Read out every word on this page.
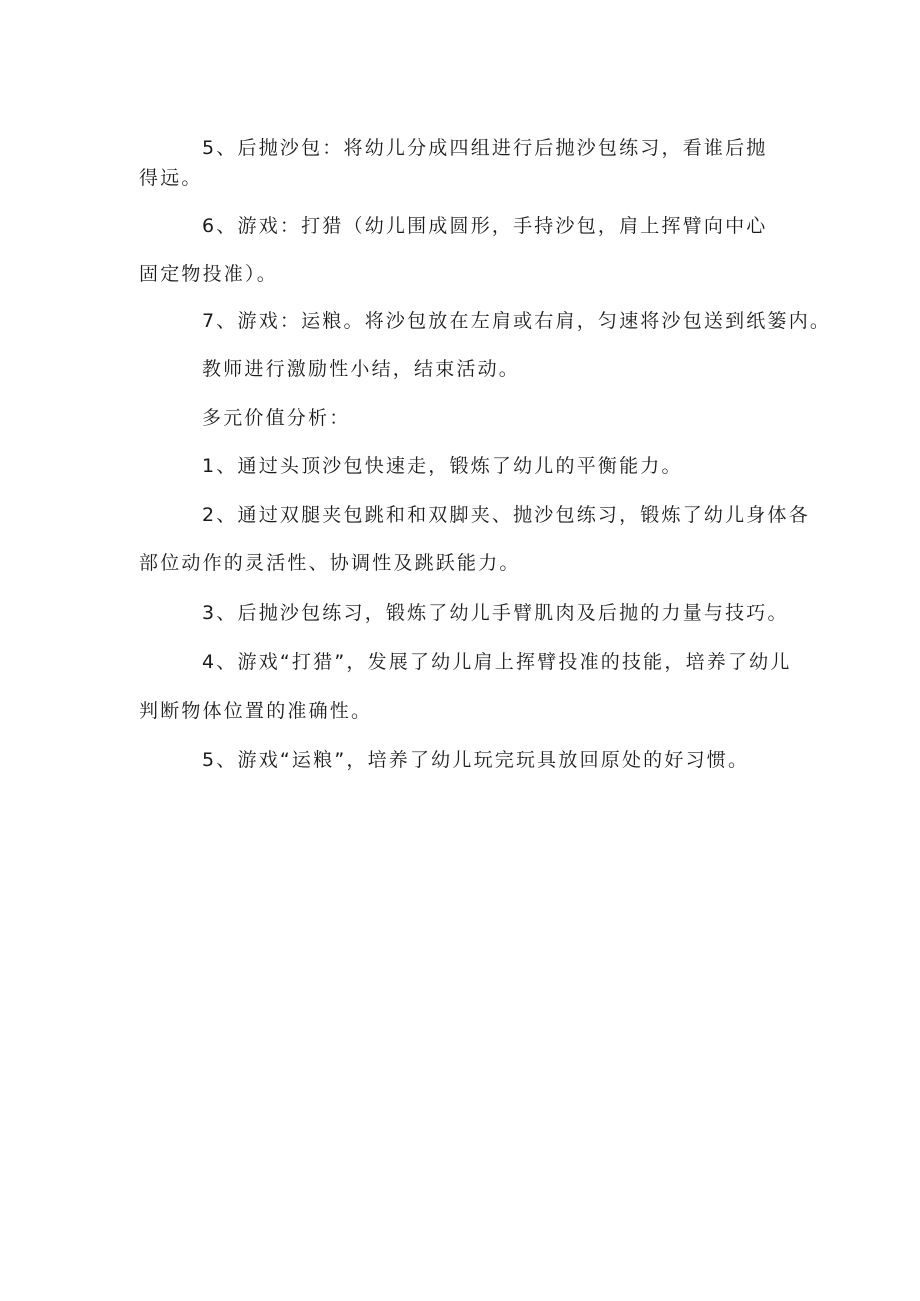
5、后抛沙包：将幼儿分成四组进行后抛沙包练习，看谁后抛
得远。
6、游戏：打猎（幼儿围成圆形，手持沙包，肩上挥臂向中心
固定物投准）。
7、游戏：运粮。将沙包放在左肩或右肩，匀速将沙包送到纸篓内。
教师进行激励性小结，结束活动。
多元价值分析：
1、通过头顶沙包快速走，锻炼了幼儿的平衡能力。
2、通过双腿夹包跳和和双脚夹、抛沙包练习，锻炼了幼儿身体各
部位动作的灵活性、协调性及跳跃能力。
3、后抛沙包练习，锻炼了幼儿手臂肌肉及后抛的力量与技巧。
4、游戏“打猎”，发展了幼儿肩上挥臂投准的技能，培养了幼儿
判断物体位置的准确性。
5、游戏“运粮”，培养了幼儿玩完玩具放回原处的好习惯。
